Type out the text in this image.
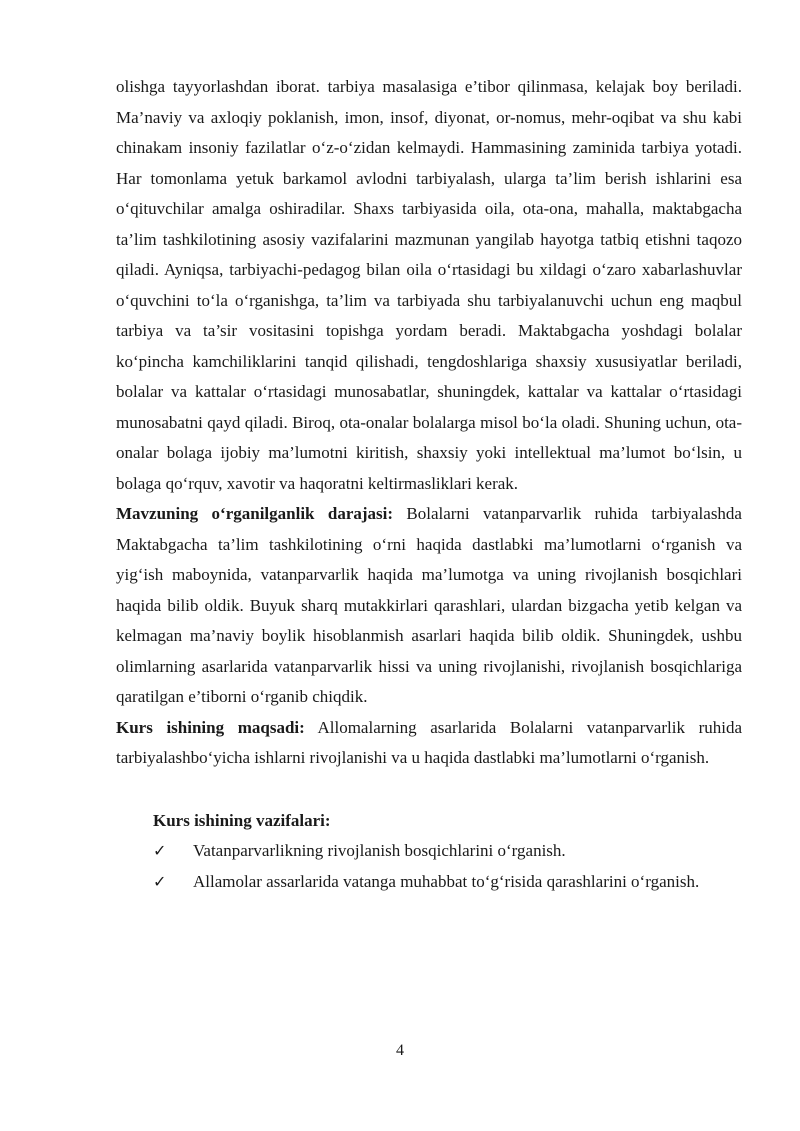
olishga tayyorlashdan iborat. tarbiya masalasiga e’tibor qilinmasa, kelajak boy beriladi. Ma’naviy va axloqiy poklanish, imon, insof, diyonat, or-nomus, mehr-oqibat va shu kabi chinakam insoniy fazilatlar o‘z-o‘zidan kelmaydi. Hammasining zaminida tarbiya yotadi. Har tomonlama yetuk barkamol avlodni tarbiyalash, ularga ta’lim berish ishlarini esa o‘qituvchilar amalga oshiradilar. Shaxs tarbiyasida oila, ota-ona, mahalla, maktabgacha ta’lim tashkilotining asosiy vazifalarini mazmunan yangilab hayotga tatbiq etishni taqozo qiladi. Ayniqsa, tarbiyachi-pedagog bilan oila o‘rtasidagi bu xildagi o‘zaro xabarlashuvlar o‘quvchini to‘la o‘rganishga, ta’lim va tarbiyada shu tarbiyalanuvchi uchun eng maqbul tarbiya va ta’sir vositasini topishga yordam beradi. Maktabgacha yoshdagi bolalar ko‘pincha kamchiliklarini tanqid qilishadi, tengdoshlariga shaxsiy xususiyatlar beriladi, bolalar va kattalar o‘rtasidagi munosabatlar, shuningdek, kattalar va kattalar o‘rtasidagi munosabatni qayd qiladi. Biroq, ota-onalar bolalarga misol bo‘la oladi. Shuning uchun, ota-onalar bolaga ijobiy ma’lumotni kiritish, shaxsiy yoki intellektual ma’lumot bo‘lsin, u bolaga qo‘rquv, xavotir va haqoratni keltirmasliklari kerak.

Mavzuning o‘rganilganlik darajasi: Bolalarni vatanparvarlik ruhida tarbiyalashda Maktabgacha ta’lim tashkilotining o‘rni haqida dastlabki ma’lumotlarni o‘rganish va yig‘ish maboynida, vatanparvarlik haqida ma’lumotga va uning rivojlanish bosqichlari haqida bilib oldik. Buyuk sharq mutakkirlari qarashlari, ulardan bizgacha yetib kelgan va kelmagan ma’naviy boylik hisoblanmish asarlari haqida bilib oldik. Shuningdek, ushbu olimlarning asarlarida vatanparvarlik hissi va uning rivojlanishi, rivojlanish bosqichlariga qaratilgan e’tiborni o‘rganib chiqdik.

Kurs ishining maqsadi: Allomalarning asarlarida Bolalarni vatanparvarlik ruhida tarbiyalashbo‘yicha ishlarni rivojlanishi va u haqida dastlabki ma’lumotlarni o‘rganish.

Kurs ishining vazifalari:

✓ Vatanparvarlikning rivojlanish bosqichlarini o‘rganish.

✓ Allamolar assarlarida vatanga muhabbat to‘g‘risida qarashlarini o‘rganish.

4
